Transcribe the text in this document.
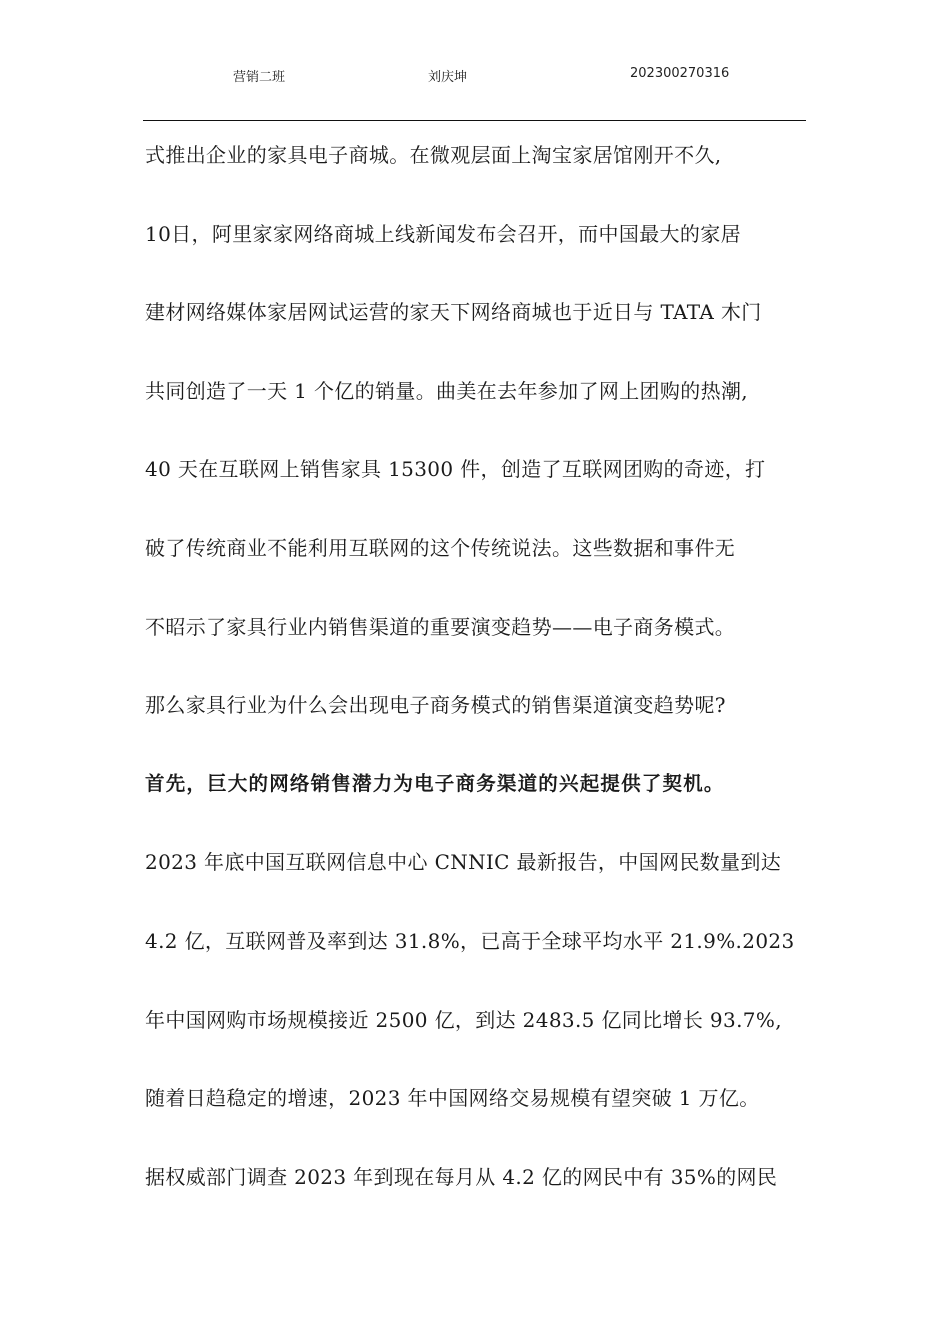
营销二班	刘庆坤	202300270316
式推出企业的家具电子商城。在微观层面上淘宝家居馆刚开不久,
10日，阿里家家网络商城上线新闻发布会召开，而中国最大的家居
建材网络媒体家居网试运营的家天下网络商城也于近日与 TATA 木门
共同创造了一天 1 个亿的销量。曲美在去年参加了网上团购的热潮,
40 天在互联网上销售家具 15300 件，创造了互联网团购的奇迹，打
破了传统商业不能利用互联网的这个传统说法。这些数据和事件无
不昭示了家具行业内销售渠道的重要演变趋势——电子商务模式。
那么家具行业为什么会出现电子商务模式的销售渠道演变趋势呢?
首先，巨大的网络销售潜力为电子商务渠道的兴起提供了契机。
2023 年底中国互联网信息中心 CNNIC 最新报告，中国网民数量到达
4.2 亿，互联网普及率到达 31.8%，已高于全球平均水平 21.9%.2023
年中国网购市场规模接近 2500 亿，到达 2483.5 亿同比增长 93.7%,
随着日趋稳定的增速，2023 年中国网络交易规模有望突破 1 万亿。
据权威部门调查 2023 年到现在每月从 4.2 亿的网民中有 35%的网民
